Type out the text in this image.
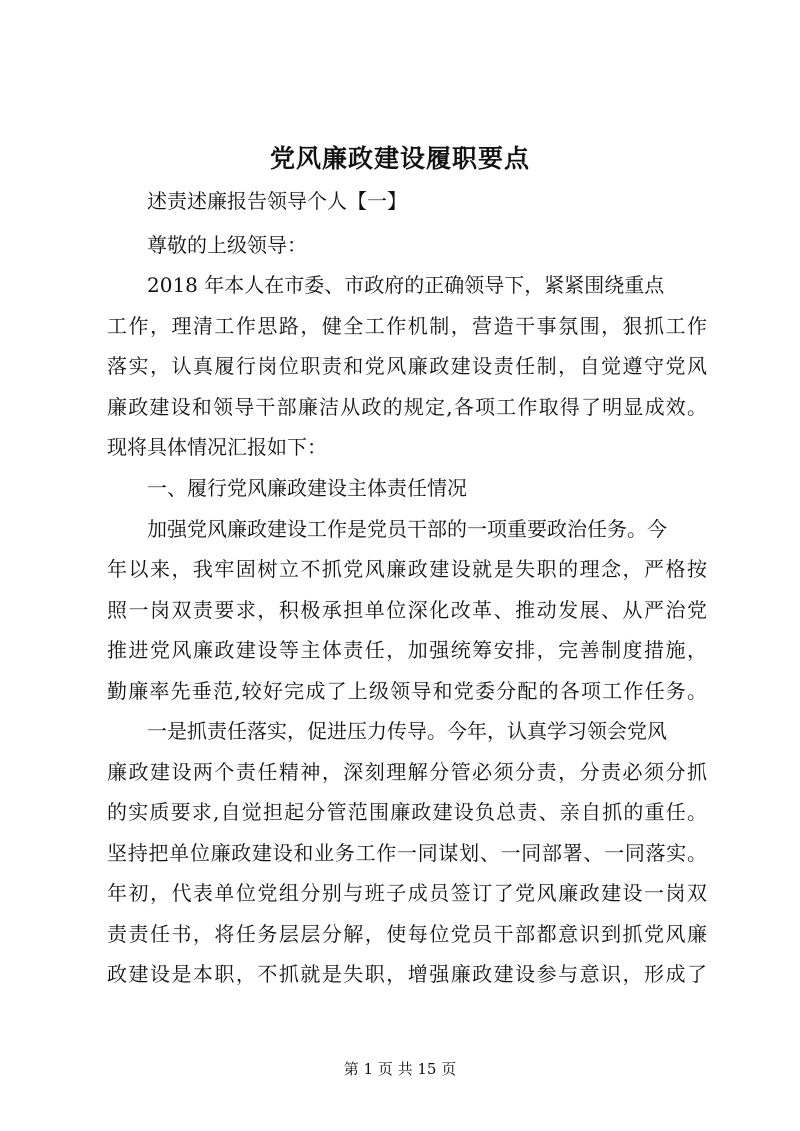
党风廉政建设履职要点
述责述廉报告领导个人【一】
尊敬的上级领导：
2018 年本人在市委、市政府的正确领导下，紧紧围绕重点
工作，理清工作思路，健全工作机制，营造干事氛围，狠抓工作
落实，认真履行岗位职责和党风廉政建设责任制，自觉遵守党风
廉政建设和领导干部廉洁从政的规定,各项工作取得了明显成效。
现将具体情况汇报如下：
一、履行党风廉政建设主体责任情况
加强党风廉政建设工作是党员干部的一项重要政治任务。今
年以来，我牢固树立不抓党风廉政建设就是失职的理念，严格按
照一岗双责要求，积极承担单位深化改革、推动发展、从严治党
推进党风廉政建设等主体责任，加强统筹安排，完善制度措施，
勤廉率先垂范,较好完成了上级领导和党委分配的各项工作任务。
一是抓责任落实，促进压力传导。今年，认真学习领会党风
廉政建设两个责任精神，深刻理解分管必须分责，分责必须分抓
的实质要求,自觉担起分管范围廉政建设负总责、亲自抓的重任。
坚持把单位廉政建设和业务工作一同谋划、一同部署、一同落实。
年初，代表单位党组分别与班子成员签订了党风廉政建设一岗双
责责任书，将任务层层分解，使每位党员干部都意识到抓党风廉
政建设是本职，不抓就是失职，增强廉政建设参与意识，形成了
第 1 页 共 15 页
